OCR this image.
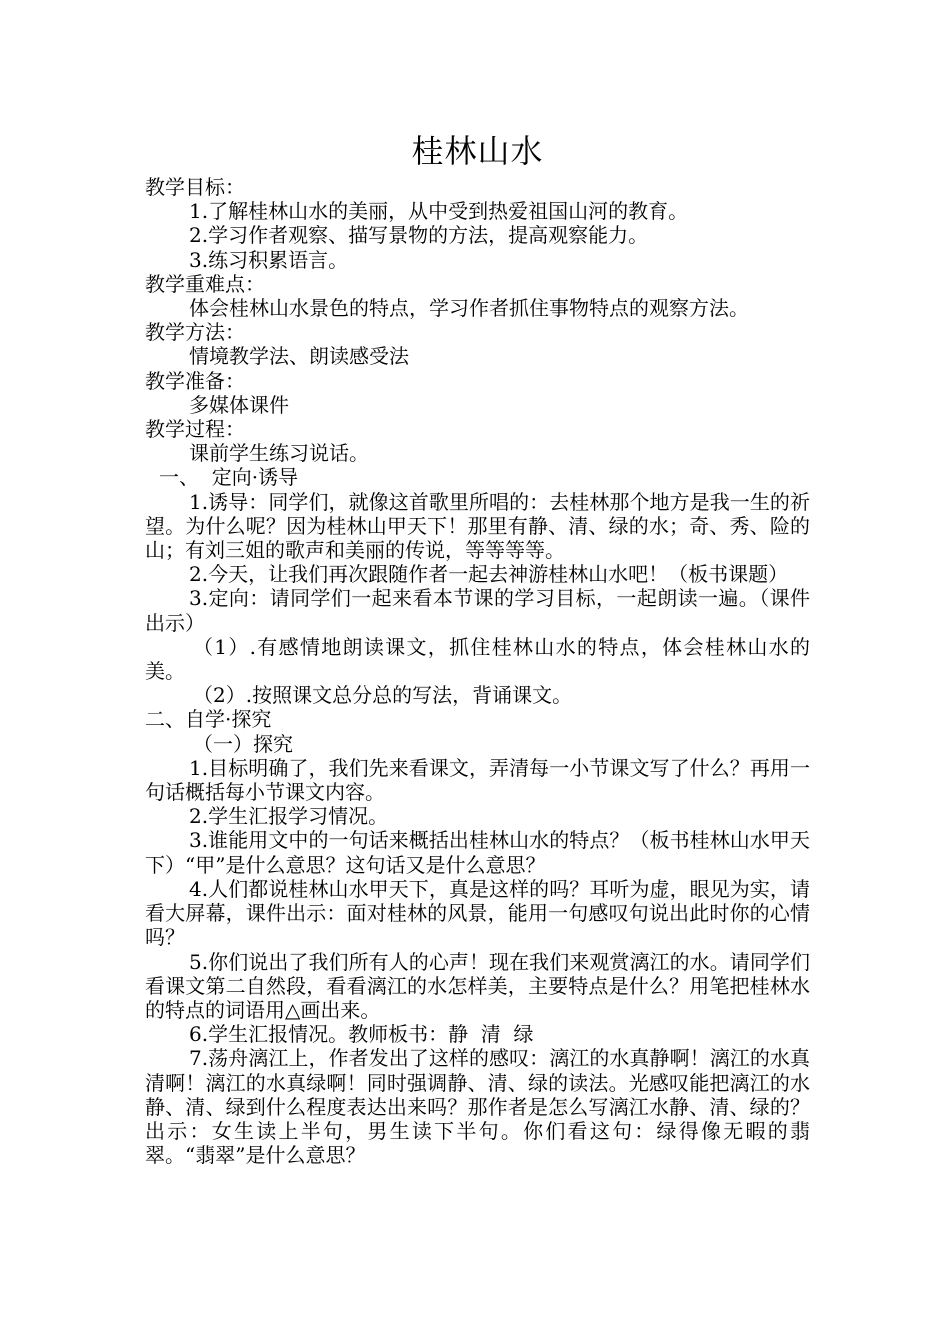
桂林山水

教学目标：

1.了解桂林山水的美丽，从中受到热爱祖国山河的教育。

2.学习作者观察、描写景物的方法，提高观察能力。

3.练习积累语言。

教学重难点：

体会桂林山水景色的特点，学习作者抓住事物特点的观察方法。

教学方法：

情境教学法、朗读感受法

教学准备：

多媒体课件

教学过程：

课前学生练习说话。

一、  定向·诱导

1.诱导：同学们，就像这首歌里所唱的：去桂林那个地方是我一生的祈望。为什么呢？因为桂林山甲天下！那里有静、清、绿的水；奇、秀、险的山；有刘三姐的歌声和美丽的传说，等等等等。

2.今天，让我们再次跟随作者一起去神游桂林山水吧！（板书课题）

3.定向：请同学们一起来看本节课的学习目标，一起朗读一遍。（课件出示）

（1）.有感情地朗读课文，抓住桂林山水的特点，体会桂林山水的美。

（2）.按照课文总分总的写法，背诵课文。

二、自学·探究

（一）探究

1.目标明确了，我们先来看课文，弄清每一小节课文写了什么？再用一句话概括每小节课文内容。

2.学生汇报学习情况。

3.谁能用文中的一句话来概括出桂林山水的特点？（板书桂林山水甲天下）“甲”是什么意思？这句话又是什么意思？

4.人们都说桂林山水甲天下，真是这样的吗？耳听为虚，眼见为实，请看大屏幕，课件出示：面对桂林的风景，能用一句感叹句说出此时你的心情吗？

5.你们说出了我们所有人的心声！现在我们来观赏漓江的水。请同学们看课文第二自然段，看看漓江的水怎样美，主要特点是什么？用笔把桂林水的特点的词语用△画出来。

6.学生汇报情况。教师板书：静  清  绿

7.荡舟漓江上，作者发出了这样的感叹：漓江的水真静啊！漓江的水真清啊！漓江的水真绿啊！同时强调静、清、绿的读法。光感叹能把漓江的水静、清、绿到什么程度表达出来吗？那作者是怎么写漓江水静、清、绿的？出示：女生读上半句，男生读下半句。你们看这句：绿得像无暇的翡翠。“翡翠”是什么意思？
